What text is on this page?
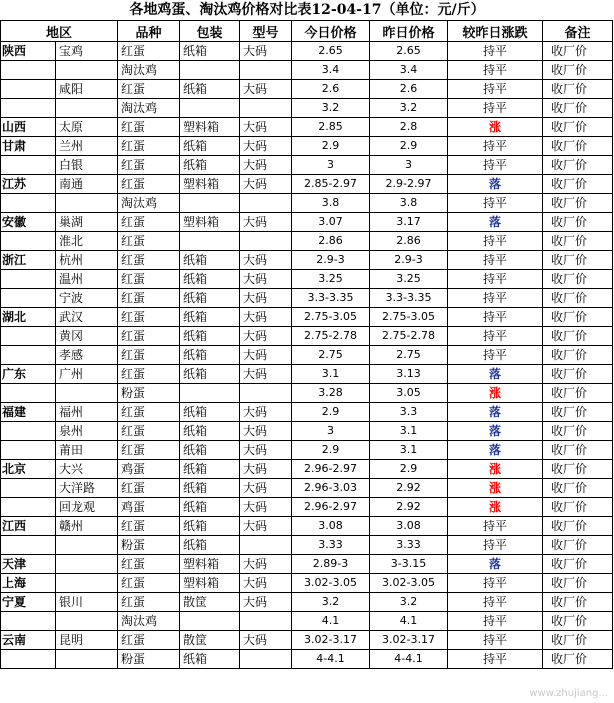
各地鸡蛋、淘汰鸡价格对比表12-04-17（单位：元/斤）
地区		品种	包装	型号	今日价格	昨日价格	较昨日涨跌	备注
陕西	宝鸡	红蛋	纸箱	大码	2.65	2.65	持平	收厂价
		淘汰鸡			3.4	3.4	持平	收厂价
	咸阳	红蛋	纸箱	大码	2.6	2.6	持平	收厂价
		淘汰鸡			3.2	3.2	持平	收厂价
山西	太原	红蛋	塑料箱	大码	2.85	2.8	涨	收厂价
甘肃	兰州	红蛋	纸箱	大码	2.9	2.9	持平	收厂价
	白银	红蛋	纸箱	大码	3	3	持平	收厂价
江苏	南通	红蛋	塑料箱	大码	2.85-2.97	2.9-2.97	落	收厂价
		淘汰鸡			3.8	3.8	持平	收厂价
安徽	巢湖	红蛋	塑料箱	大码	3.07	3.17	落	收厂价
	淮北	红蛋			2.86	2.86	持平	收厂价
浙江	杭州	红蛋	纸箱	大码	2.9-3	2.9-3	持平	收厂价
	温州	红蛋	纸箱	大码	3.25	3.25	持平	收厂价
	宁波	红蛋	纸箱	大码	3.3-3.35	3.3-3.35	持平	收厂价
湖北	武汉	红蛋	纸箱	大码	2.75-3.05	2.75-3.05	持平	收厂价
	黄冈	红蛋	纸箱	大码	2.75-2.78	2.75-2.78	持平	收厂价
	孝感	红蛋	纸箱	大码	2.75	2.75	持平	收厂价
广东	广州	红蛋	纸箱	大码	3.1	3.13	落	收厂价
		粉蛋			3.28	3.05	涨	收厂价
福建	福州	红蛋	纸箱	大码	2.9	3.3	落	收厂价
	泉州	红蛋	纸箱	大码	3	3.1	落	收厂价
	莆田	红蛋	纸箱	大码	2.9	3.1	落	收厂价
北京	大兴	鸡蛋	纸箱	大码	2.96-2.97	2.9	涨	收厂价
	大洋路	红蛋	纸箱	大码	2.96-3.03	2.92	涨	收厂价
	回龙观	鸡蛋	纸箱	大码	2.96-2.97	2.92	涨	收厂价
江西	赣州	红蛋	纸箱	大码	3.08	3.08	持平	收厂价
		粉蛋	纸箱		3.33	3.33	持平	收厂价
天津		红蛋	塑料箱	大码	2.89-3	3-3.15	落	收厂价
上海		红蛋	塑料箱	大码	3.02-3.05	3.02-3.05	持平	收厂价
宁夏	银川	红蛋	散筐	大码	3.2	3.2	持平	收厂价
		淘汰鸡			4.1	4.1	持平	收厂价
云南	昆明	红蛋	散筐	大码	3.02-3.17	3.02-3.17	持平	收厂价
		粉蛋	纸箱		4-4.1	4-4.1	持平	收厂价
www.zhujiang...
